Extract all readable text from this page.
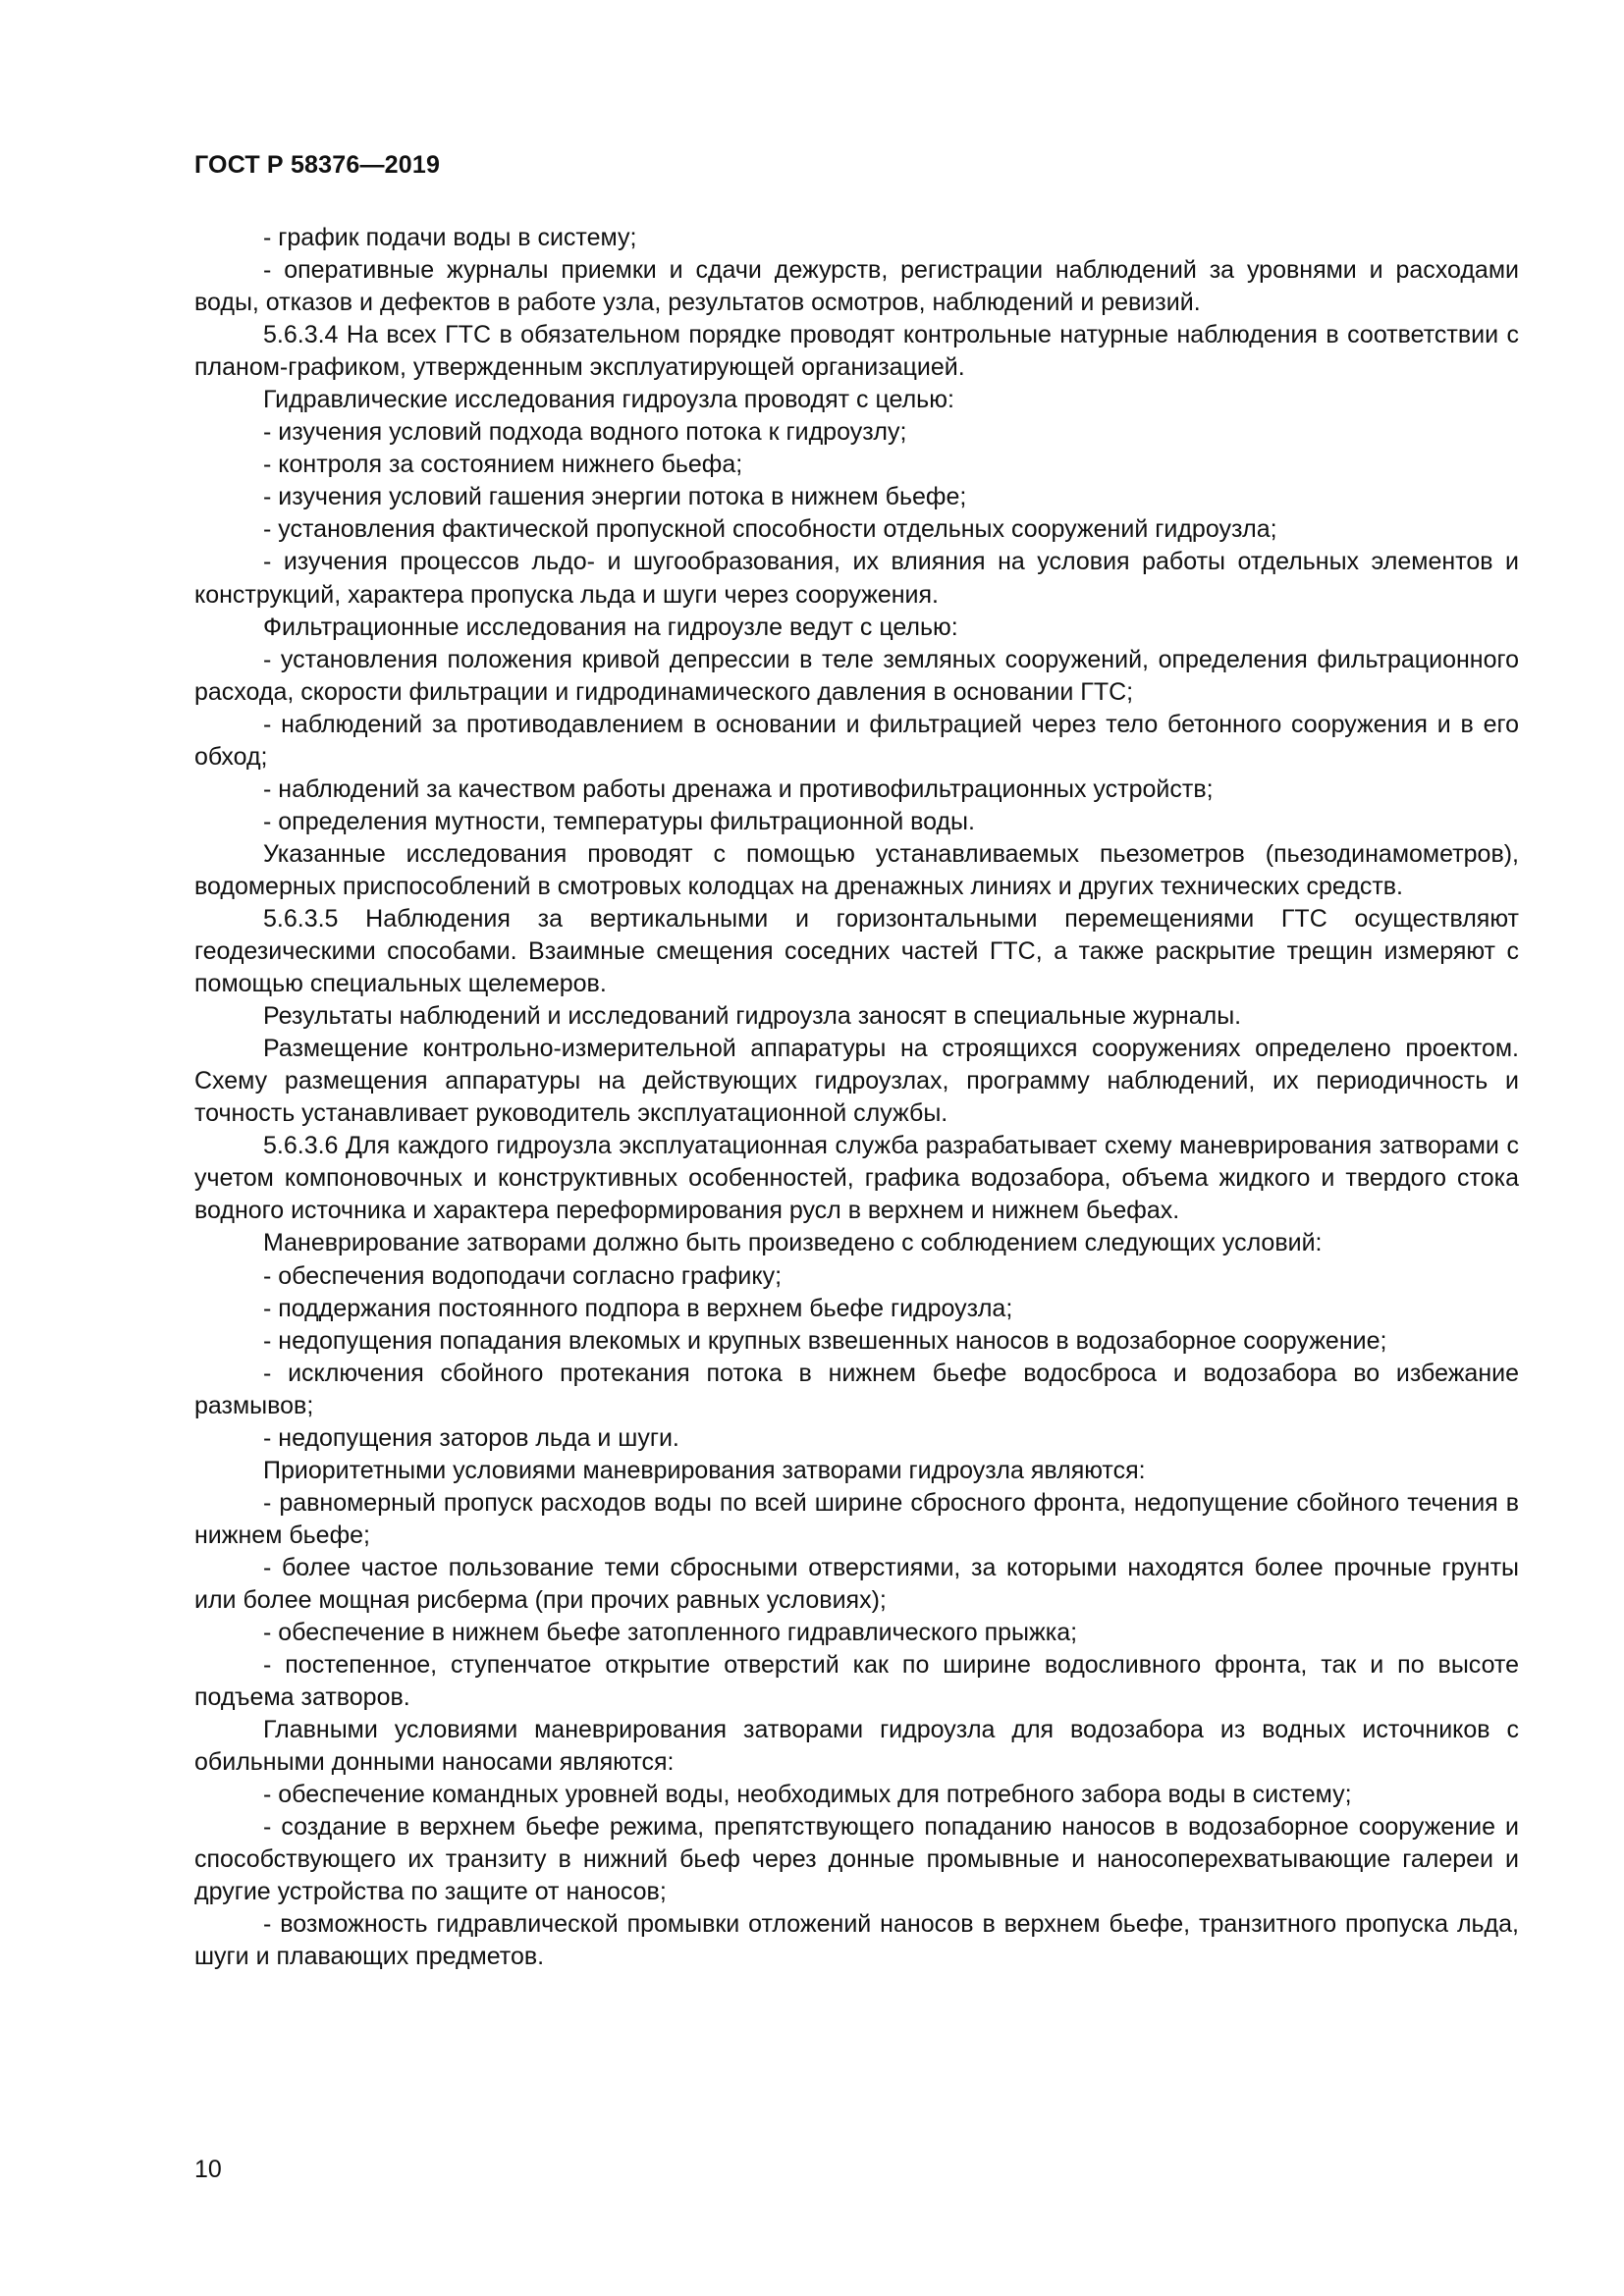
ГОСТ Р 58376—2019

- график подачи воды в систему;

- оперативные журналы приемки и сдачи дежурств, регистрации наблюдений за уровнями и расходами воды, отказов и дефектов в работе узла, результатов осмотров, наблюдений и ревизий.

5.6.3.4 На всех ГТС в обязательном порядке проводят контрольные натурные наблюдения в соответствии с планом-графиком, утвержденным эксплуатирующей организацией.

Гидравлические исследования гидроузла проводят с целью:

- изучения условий подхода водного потока к гидроузлу;

- контроля за состоянием нижнего бьефа;

- изучения условий гашения энергии потока в нижнем бьефе;

- установления фактической пропускной способности отдельных сооружений гидроузла;

- изучения процессов льдо- и шугообразования, их влияния на условия работы отдельных элементов и конструкций, характера пропуска льда и шуги через сооружения.

Фильтрационные исследования на гидроузле ведут с целью:

- установления положения кривой депрессии в теле земляных сооружений, определения фильтрационного расхода, скорости фильтрации и гидродинамического давления в основании ГТС;

- наблюдений за противодавлением в основании и фильтрацией через тело бетонного сооружения и в его обход;

- наблюдений за качеством работы дренажа и противофильтрационных устройств;

- определения мутности, температуры фильтрационной воды.

Указанные исследования проводят с помощью устанавливаемых пьезометров (пьезодинамометров), водомерных приспособлений в смотровых колодцах на дренажных линиях и других технических средств.

5.6.3.5 Наблюдения за вертикальными и горизонтальными перемещениями ГТС осуществляют геодезическими способами. Взаимные смещения соседних частей ГТС, а также раскрытие трещин измеряют с помощью специальных щелемеров.

Результаты наблюдений и исследований гидроузла заносят в специальные журналы.

Размещение контрольно-измерительной аппаратуры на строящихся сооружениях определено проектом. Схему размещения аппаратуры на действующих гидроузлах, программу наблюдений, их периодичность и точность устанавливает руководитель эксплуатационной службы.

5.6.3.6 Для каждого гидроузла эксплуатационная служба разрабатывает схему маневрирования затворами с учетом компоновочных и конструктивных особенностей, графика водозабора, объема жидкого и твердого стока водного источника и характера переформирования русл в верхнем и нижнем бьефах.

Маневрирование затворами должно быть произведено с соблюдением следующих условий:

- обеспечения водоподачи согласно графику;

- поддержания постоянного подпора в верхнем бьефе гидроузла;

- недопущения попадания влекомых и крупных взвешенных наносов в водозаборное сооружение;

- исключения сбойного протекания потока в нижнем бьефе водосброса и водозабора во избежание размывов;

- недопущения заторов льда и шуги.

Приоритетными условиями маневрирования затворами гидроузла являются:

- равномерный пропуск расходов воды по всей ширине сбросного фронта, недопущение сбойного течения в нижнем бьефе;

- более частое пользование теми сбросными отверстиями, за которыми находятся более прочные грунты или более мощная рисберма (при прочих равных условиях);

- обеспечение в нижнем бьефе затопленного гидравлического прыжка;

- постепенное, ступенчатое открытие отверстий как по ширине водосливного фронта, так и по высоте подъема затворов.

Главными условиями маневрирования затворами гидроузла для водозабора из водных источников с обильными донными наносами являются:

- обеспечение командных уровней воды, необходимых для потребного забора воды в систему;

- создание в верхнем бьефе режима, препятствующего попаданию наносов в водозаборное сооружение и способствующего их транзиту в нижний бьеф через донные промывные и наносоперехватывающие галереи и другие устройства по защите от наносов;

- возможность гидравлической промывки отложений наносов в верхнем бьефе, транзитного пропуска льда, шуги и плавающих предметов.

10
